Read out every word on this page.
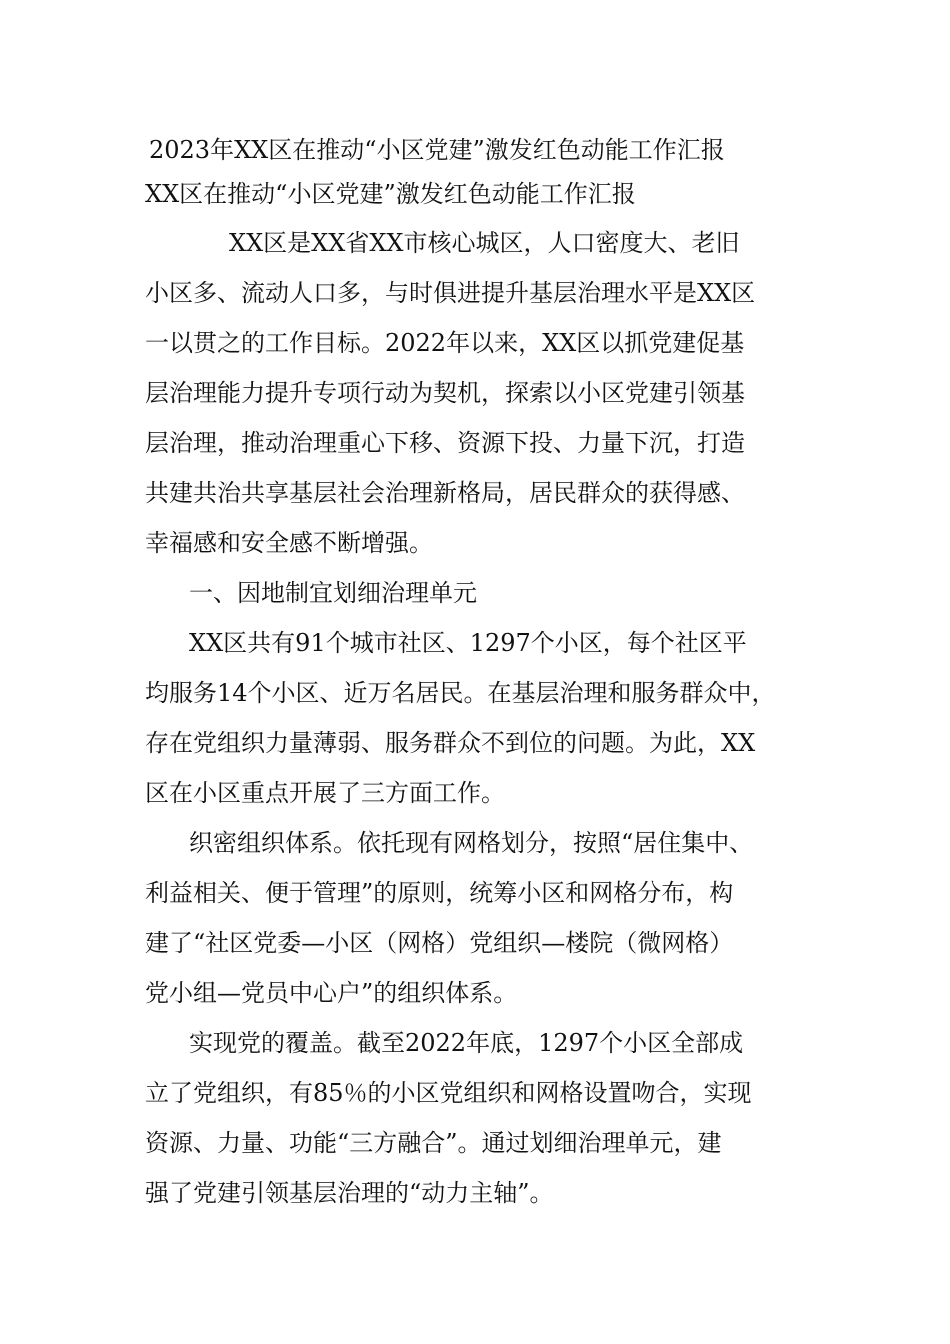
2023年XX区在推动“小区党建”激发红色动能工作汇报
XX区在推动“小区党建”激发红色动能工作汇报
XX区是XX省XX市核心城区，人口密度大、老旧
小区多、流动人口多，与时俱进提升基层治理水平是XX区
一以贯之的工作目标。2022年以来，XX区以抓党建促基
层治理能力提升专项行动为契机，探索以小区党建引领基
层治理，推动治理重心下移、资源下投、力量下沉，打造
共建共治共享基层社会治理新格局，居民群众的获得感、
幸福感和安全感不断增强。
一、因地制宜划细治理单元
XX区共有91个城市社区、1297个小区，每个社区平
均服务14个小区、近万名居民。在基层治理和服务群众中，
存在党组织力量薄弱、服务群众不到位的问题。为此，XX
区在小区重点开展了三方面工作。
织密组织体系。依托现有网格划分，按照“居住集中、
利益相关、便于管理”的原则，统筹小区和网格分布，构
建了“社区党委—小区（网格）党组织—楼院（微网格）
党小组—党员中心户”的组织体系。
实现党的覆盖。截至2022年底，1297个小区全部成
立了党组织，有85％的小区党组织和网格设置吻合，实现
资源、力量、功能“三方融合”。通过划细治理单元，建
强了党建引领基层治理的“动力主轴”。
